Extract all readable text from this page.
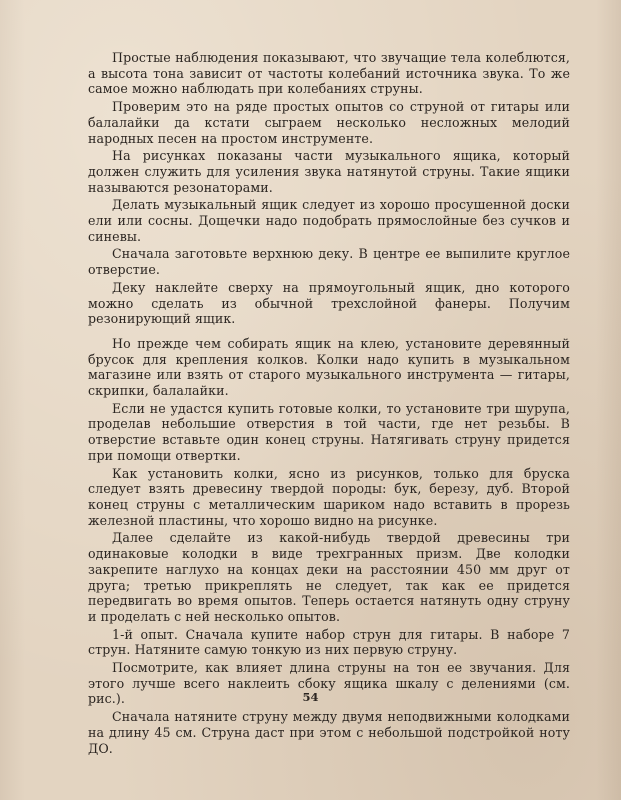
Простые наблюдения показывают, что звучащие тела колеблются, а высота тона зависит от частоты колебаний источника звука. То же самое можно наблюдать при колебаниях струны.

Проверим это на ряде простых опытов со струной от гитары или балалайки да кстати сыграем несколько несложных мелодий народных песен на простом инструменте.

На рисунках показаны части музыкального ящика, который должен служить для усиления звука натянутой струны. Такие ящики называются резонаторами.

Делать музыкальный ящик следует из хорошо просушенной доски ели или сосны. Дощечки надо подобрать прямослойные без сучков и синевы.

Сначала заготовьте верхнюю деку. В центре ее выпилите круглое отверстие.

Деку наклейте сверху на прямоугольный ящик, дно которого можно сделать из обычной трехслойной фанеры. Получим резонирующий ящик.

Но прежде чем собирать ящик на клею, установите деревянный брусок для крепления колков. Колки надо купить в музыкальном магазине или взять от старого музыкального инструмента — гитары, скрипки, балалайки.

Если не удастся купить готовые колки, то установите три шурупа, проделав небольшие отверстия в той части, где нет резьбы. В отверстие вставьте один конец струны. Натягивать струну придется при помощи отвертки.

Как установить колки, ясно из рисунков, только для бруска следует взять древесину твердой породы: бук, березу, дуб. Второй конец струны с металлическим шариком надо вставить в прорезь железной пластины, что хорошо видно на рисунке.

Далее сделайте из какой-нибудь твердой древесины три одинаковые колодки в виде трехгранных призм. Две колодки закрепите наглухо на концах деки на расстоянии 450 мм друг от друга; третью прикреплять не следует, так как ее придется передвигать во время опытов. Теперь остается натянуть одну струну и проделать с ней несколько опытов.

1-й опыт. Сначала купите набор струн для гитары. В наборе 7 струн. Натяните самую тонкую из них первую струну.

Посмотрите, как влияет длина струны на тон ее звучания. Для этого лучше всего наклеить сбоку ящика шкалу с делениями (см. рис.).

Сначала натяните струну между двумя неподвижными колодками на длину 45 см. Струна даст при этом с небольшой подстройкой ноту ДО.

54
